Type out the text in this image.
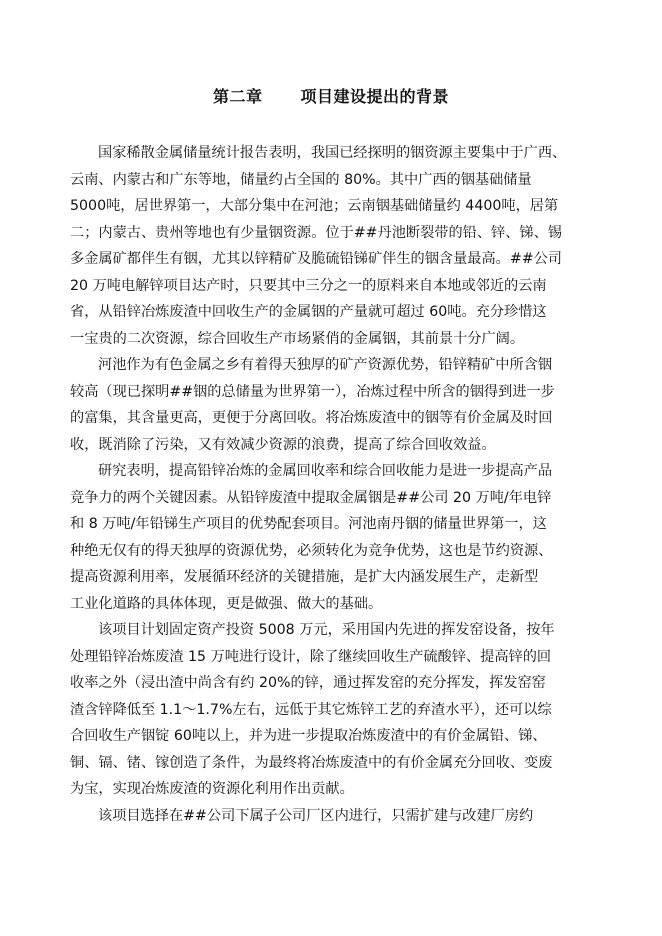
第二章 项目建设提出的背景
国家稀散金属储量统计报告表明，我国已经探明的铟资源主要集中于广西、
云南、内蒙古和广东等地，储量约占全国的 80%。其中广西的铟基础储量
5000吨，居世界第一，大部分集中在河池；云南铟基础储量约 4400吨，居第
二；内蒙古、贵州等地也有少量铟资源。位于##丹池断裂带的铅、锌、锑、锡
多金属矿都伴生有铟，尤其以锌精矿及脆硫铅锑矿伴生的铟含量最高。##公司
20 万吨电解锌项目达产时，只要其中三分之一的原料来自本地或邻近的云南
省，从铅锌冶炼废渣中回收生产的金属铟的产量就可超过 60吨。充分珍惜这
一宝贵的二次资源，综合回收生产市场紧俏的金属铟，其前景十分广阔。
河池作为有色金属之乡有着得天独厚的矿产资源优势，铅锌精矿中所含铟
较高（现已探明##铟的总储量为世界第一），冶炼过程中所含的铟得到进一步
的富集，其含量更高，更便于分离回收。将冶炼废渣中的铟等有价金属及时回
收，既消除了污染，又有效减少资源的浪费，提高了综合回收效益。
研究表明，提高铅锌冶炼的金属回收率和综合回收能力是进一步提高产品
竞争力的两个关键因素。从铅锌废渣中提取金属铟是##公司 20 万吨/年电锌
和 8 万吨/年铅锑生产项目的优势配套项目。河池南丹铟的储量世界第一，这
种绝无仅有的得天独厚的资源优势，必须转化为竞争优势，这也是节约资源、
提高资源利用率，发展循环经济的关键措施，是扩大内涵发展生产，走新型
工业化道路的具体体现，更是做强、做大的基础。
该项目计划固定资产投资 5008 万元，采用国内先进的挥发窑设备，按年
处理铅锌冶炼废渣 15 万吨进行设计，除了继续回收生产硫酸锌、提高锌的回
收率之外（浸出渣中尚含有约 20%的锌，通过挥发窑的充分挥发，挥发窑窑
渣含锌降低至 1.1～1.7%左右，远低于其它炼锌工艺的弃渣水平），还可以综
合回收生产铟锭 60吨以上，并为进一步提取冶炼废渣中的有价金属铅、锑、
铜、镉、锗、镓创造了条件，为最终将冶炼废渣中的有价金属充分回收、变废
为宝，实现冶炼废渣的资源化利用作出贡献。
该项目选择在##公司下属子公司厂区内进行，只需扩建与改建厂房约
